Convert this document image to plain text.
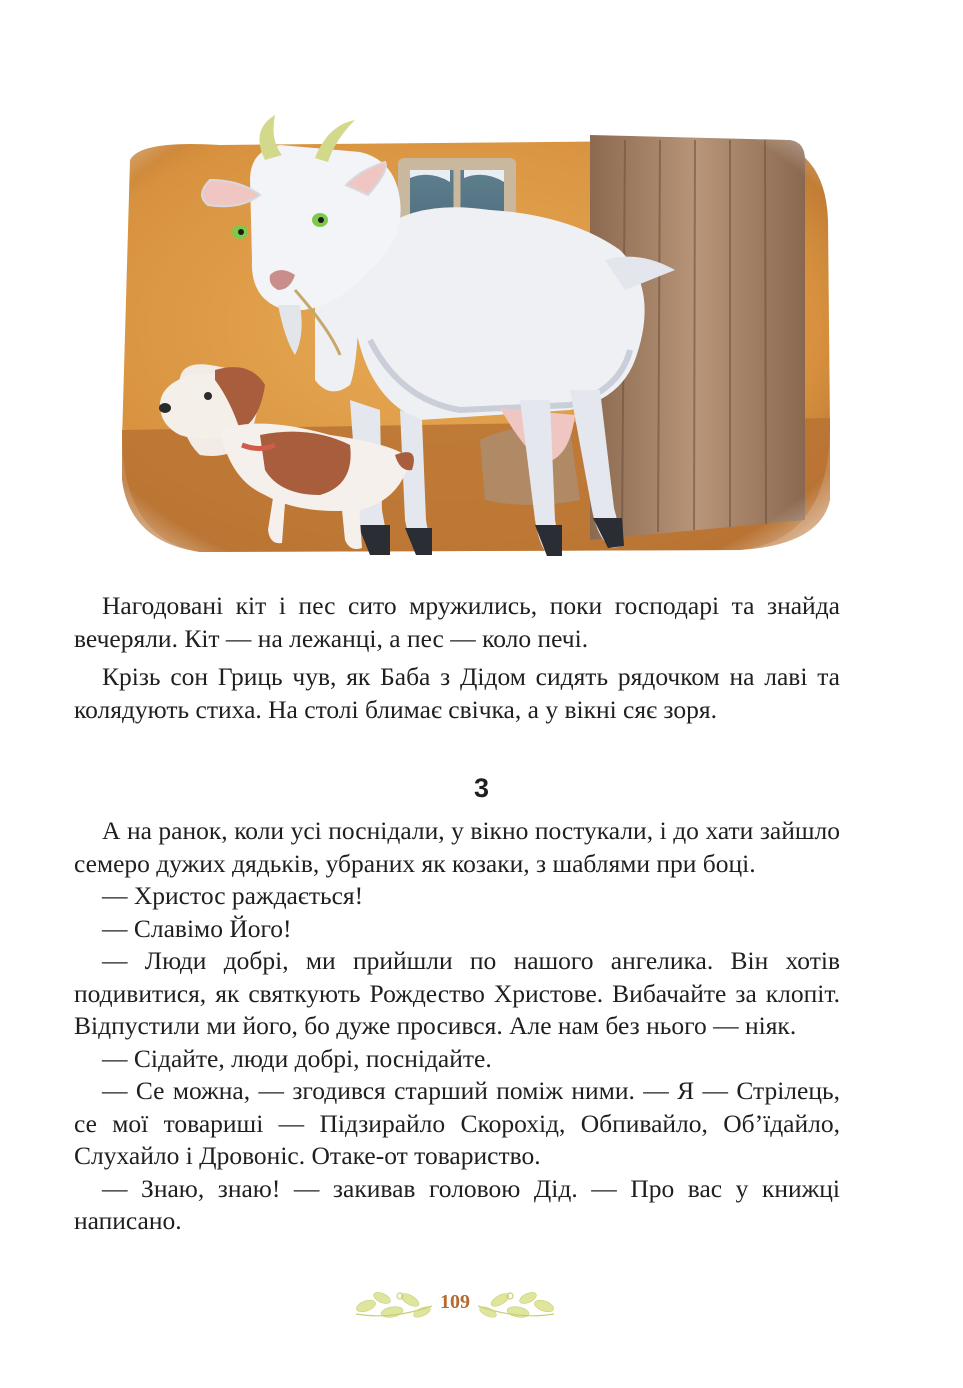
Нагодовані кіт і пес сито мружились, поки господарі та знайда вечеряли. Кіт — на лежанці, а пес — коло печі.

Крізь сон Гриць чув, як Баба з Дідом сидять рядочком на лаві та колядують стиха. На столі блимає свічка, а у вікні сяє зоря.

3

А на ранок, коли усі поснідали, у вікно постукали, і до хати зайшло семеро дужих дядьків, убраних як козаки, з шаблями при боці.

— Христос раждається!

— Славімо Його!

— Люди добрі, ми прийшли по нашого ангелика. Він хотів подивитися, як святкують Рождество Христове. Вибачайте за клопіт. Відпустили ми його, бо дуже просився. Але нам без нього — ніяк.

— Сідайте, люди добрі, поснідайте.

— Се можна, — згодився старший поміж ними. — Я — Стрілець, се мої товариші — Підзирайло Скорохід, Обпивайло, Об’їдайло, Слухайло і Дровоніс. Отаке-от товариство.

— Знаю, знаю! — закивав головою Дід. — Про вас у книжці написано.

109
